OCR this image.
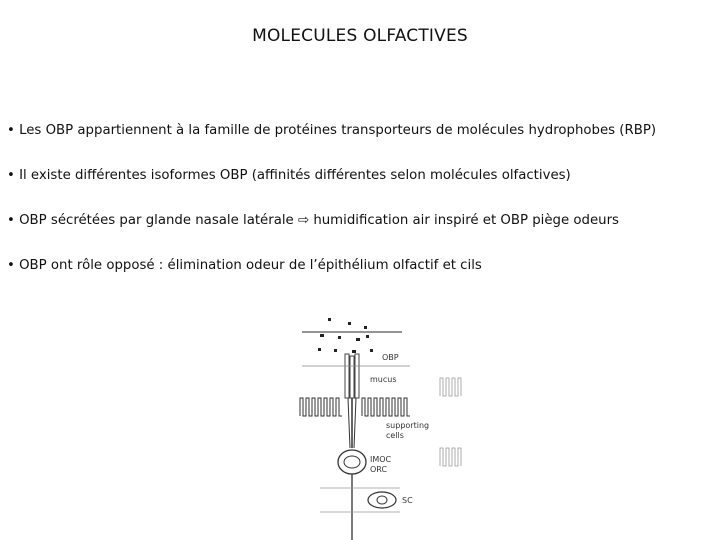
MOLECULES OLFACTIVES
• Les OBP appartiennent à la famille de protéines transporteurs de molécules hydrophobes (RBP)
• Il existe différentes isoformes OBP (affinités différentes selon molécules olfactives)
• OBP sécrétées par glande nasale latérale ⇨ humidification air inspiré et OBP piège odeurs
• OBP ont rôle opposé : élimination odeur de l’épithélium olfactif et cils
OBP
mucus
supporting
cells
IMOC
ORC
SC
